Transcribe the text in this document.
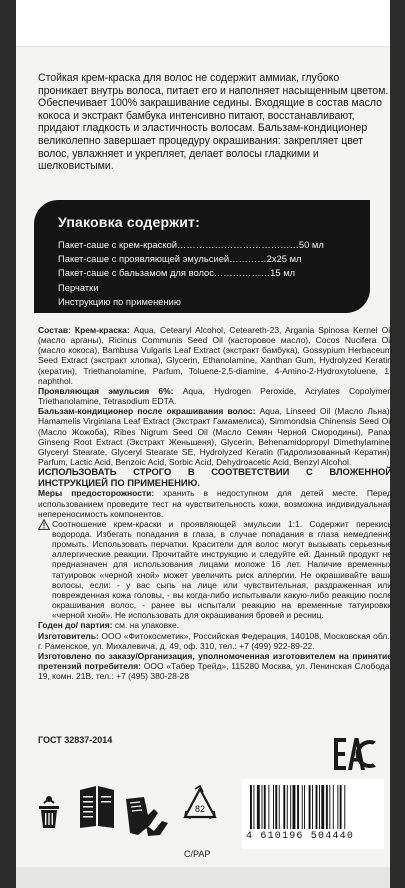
Стойкая крем-краска для волос не содержит аммиак, глубоко проникает внутрь волоса, питает его и наполняет насыщенным цветом. Обеспечивает 100% закрашивание седины. Входящие в состав масло кокоса и экстракт бамбука интенсивно питают, восстанавливают, придают гладкость и эластичность волосам. Бальзам-кондиционер великолепно завершает процедуру окрашивания: закрепляет цвет волос, увлажняет и укрепляет, делает волосы гладкими и шелковистыми.

Упаковка содержит:
Пакет-саше с крем-краской…………………………………50 мл
Пакет-саше с проявляющей эмульсией…………2х25 мл
Пакет-саше с бальзамом для волос………………15 мл
Перчатки
Инструкцию по применению

Состав: Крем-краска: Aqua, Cetearyl Alcohol, Ceteareth-23, Argania Spinosa Kernel Oil (масло арганы), Ricinus Communis Seed Oil (касторовое масло), Cocos Nucifera Oil (масло кокоса), Bambusa Vulgaris Leaf Extract (экстракт бамбука), Gossypium Herbaceum Seed Extract (экстракт хлопка), Glycerin, Ethanolamine, Xanthan Gum, Hydrolyzed Keratin (кератин), Triethanolamine, Parfum, Toluene-2,5-diamine, 4-Amino-2-Hydroxytoluene, 1-naphthol.

Проявляющая эмульсия 6%: Aqua, Hydrogen Peroxide, Acrylates Copolymer, Triethanolamine, Tetrasodium EDTA.

Бальзам-кондиционер после окрашивания волос: Aqua, Linseed Oil (Масло Льна), Hamamelis Virginiana Leaf Extract (Экстракт Гамамелиса), Simmondsia Chinensis Seed Oil (Масло Жожоба), Ribes Nigrum Seed Oil (Масло Семян Черной Смородины), Panax Ginseng Root Extract (Экстракт Женьшеня), Glycerin, Behenamidopropyl Dimethylamine, Glyceryl Stearate, Glyceryl Stearate SE, Hydrolyzed Keratin (Гидролизованный Кератин), Parfum, Lactic Acid, Benzoic Acid, Sorbic Acid, Dehydroacetic Acid, Benzyl Alcohol.

ИСПОЛЬЗОВАТЬ СТРОГО В СООТВЕТСТВИИ С ВЛОЖЕННОЙ ИНСТРУКЦИЕЙ ПО ПРИМЕНЕНИЮ.

Меры предосторожности: хранить в недоступном для детей месте. Перед использованием проведите тест на чувствительность кожи, возможна индивидуальная непереносимость компонентов.

Соотношение крем-краски и проявляющей эмульсии 1:1. Содержит перекись водорода. Избегать попадания в глаза, в случае попадания в глаза немедленно промыть. Использовать перчатки. Красители для волос могут вызывать серьезные аллергические реакции. Прочитайте инструкцию и следуйте ей. Данный продукт не предназначен для использования лицами моложе 16 лет. Наличие временных татуировок «черной хной» может увеличить риск аллергии. Не окрашивайте ваши волосы, если: - у вас сыпь на лице или чувствительная, раздраженная или поврежденная кожа головы, - вы когда-либо испытывали какую-либо реакцию после окрашивания волос, - ранее вы испытали реакцию на временные татуировки «черной хной». Не использовать для окрашивания бровей и ресниц.

Годен до/ партия: см. на упаковке.

Изготовитель: ООО «Фитокосметик», Российская Федерация, 140108, Московская обл., г. Раменское, ул. Михалевича, д. 49, оф. 310, тел.: +7 (499) 922-89-22.

Изготовлено по заказу/Организация, уполномоченная изготовителем на принятие претензий потребителя: ООО «Табер Трейд», 115280 Москва, ул. Ленинская Слобода, 19, комн. 21В. тел.: +7 (495) 380-28-28

ГОСТ 32837-2014
82
C/PAP
4 610196 504440
